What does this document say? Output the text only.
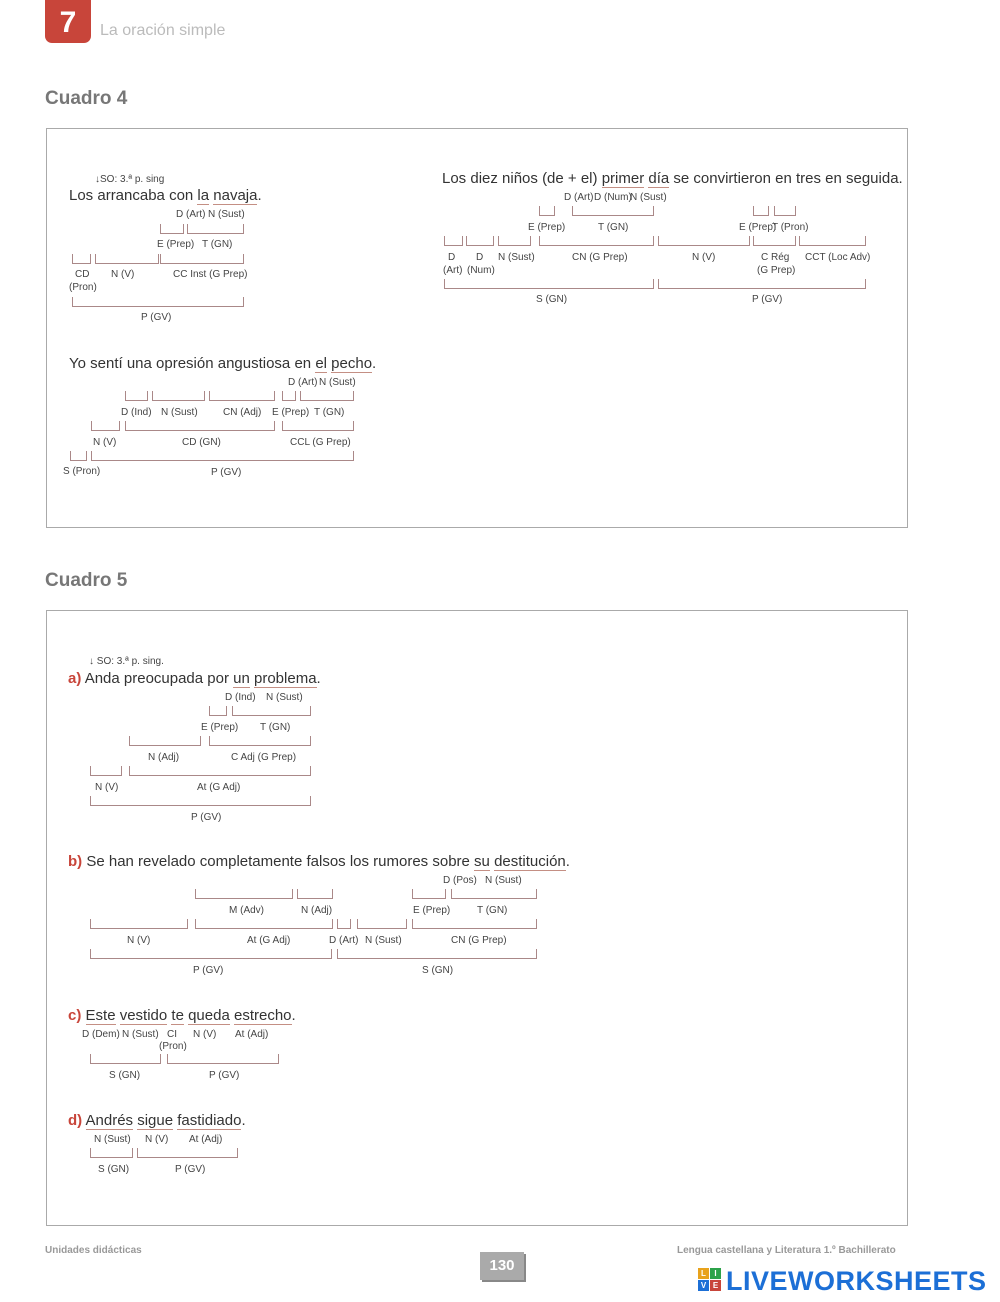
7	La oración simple
Cuadro 4
↓SO: 3.ª p. sing
Los arrancaba con la navaja.
D (Art) N (Sust)
E (Prep) T (GN)
CD
(Pron)
N (V)	CC Inst (G Prep)
P (GV)
Los diez niños (de + el) primer día se convirtieron en tres en seguida.
D (Art) D (Num)
N (Sust)
E (Prep)	T (GN)	E (Prep)
T (Pron)
D
(Art)
D
(Num)
N (Sust)	CN (G Prep)	N (V)	C Rég
(G Prep)
CCT (Loc Adv)
S (GN)	P (GV)
Yo sentí una opresión angustiosa en el pecho.
D (Art) N (Sust)
D (Ind) N (Sust)	CN (Adj) E (Prep) T (GN)
N (V)	CD (GN)	CCL (G Prep)
S (Pron)	P (GV)
Cuadro 5
↓ SO: 3.ª p. sing.
a) Anda preocupada por un problema.
D (Ind) N (Sust)
E (Prep) T (GN)
N (Adj)	C Adj (G Prep)
N (V)	At (G Adj)
P (GV)
b) Se han revelado completamente falsos los rumores sobre su destitución.
D (Pos) N (Sust)
M (Adv)	N (Adj)	E (Prep)	T (GN)
N (V)	At (G Adj)	D (Art) N (Sust)	CN (G Prep)
P (GV)	S (GN)
c) Este vestido te queda estrecho.
D (Dem) N (Sust) CI
(Pron)
N (V) At (Adj)
S (GN)	P (GV)
d) Andrés sigue fastidiado.
N (Sust) N (V) At (Adj)
S (GN)	P (GV)
Unidades didácticas
130
Lengua castellana y Literatura 1.º Bachillerato
L	I
V E LIVEWORKSHEETS
